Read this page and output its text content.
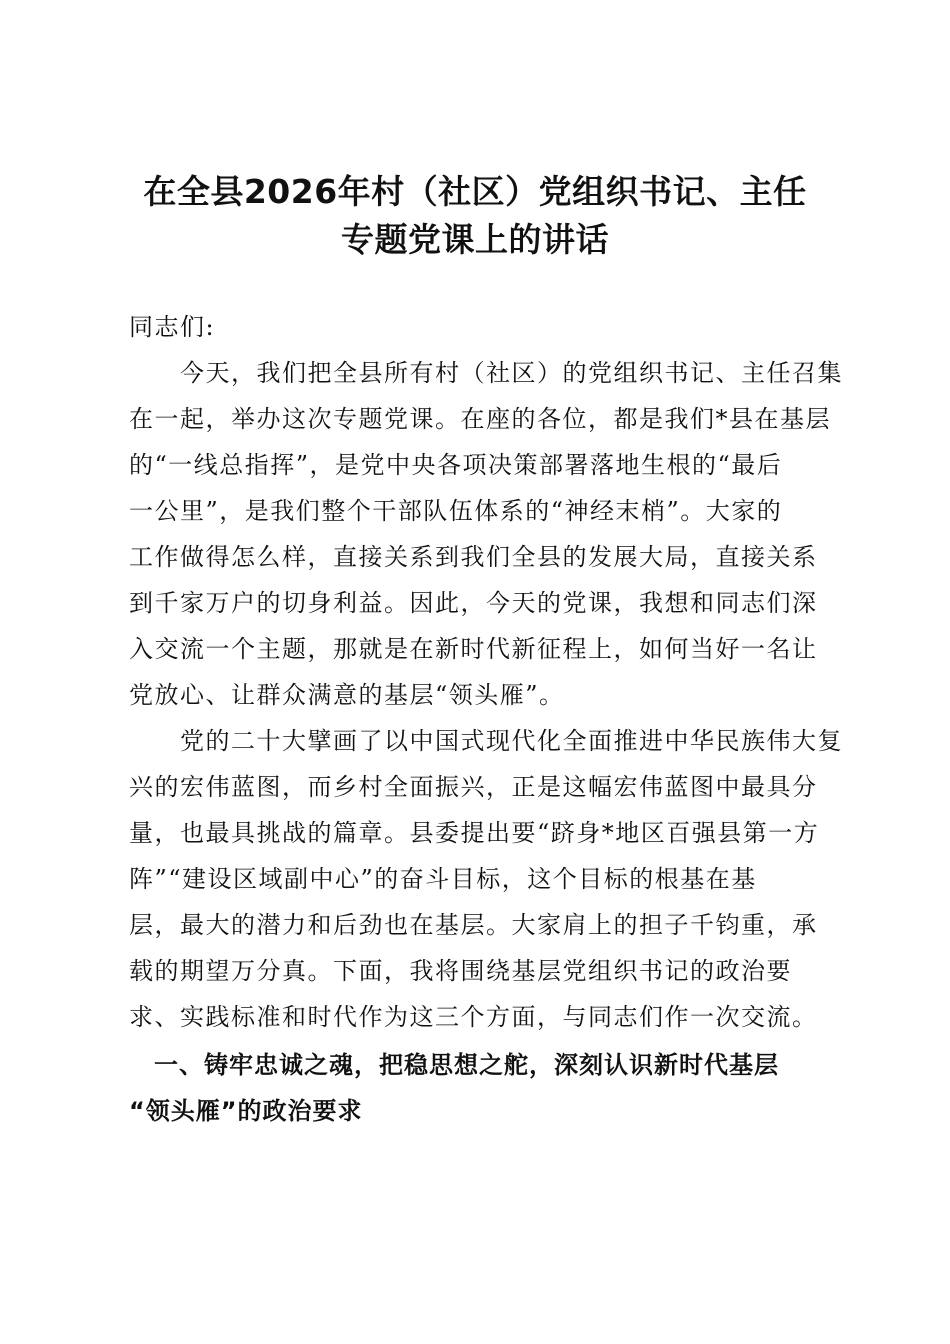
在全县2026年村（社区）党组织书记、主任
专题党课上的讲话
同志们:
　　今天，我们把全县所有村（社区）的党组织书记、主任召集
在一起，举办这次专题党课。在座的各位，都是我们*县在基层
的“一线总指挥”，是党中央各项决策部署落地生根的“最后
一公里”，是我们整个干部队伍体系的“神经末梢”。大家的
工作做得怎么样，直接关系到我们全县的发展大局，直接关系
到千家万户的切身利益。因此，今天的党课，我想和同志们深
入交流一个主题，那就是在新时代新征程上，如何当好一名让
党放心、让群众满意的基层“领头雁”。
　　党的二十大擘画了以中国式现代化全面推进中华民族伟大复
兴的宏伟蓝图，而乡村全面振兴，正是这幅宏伟蓝图中最具分
量，也最具挑战的篇章。县委提出要“跻身*地区百强县第一方
阵”“建设区域副中心”的奋斗目标，这个目标的根基在基
层，最大的潜力和后劲也在基层。大家肩上的担子千钧重，承
载的期望万分真。下面，我将围绕基层党组织书记的政治要
求、实践标准和时代作为这三个方面，与同志们作一次交流。
　一、铸牢忠诚之魂，把稳思想之舵，深刻认识新时代基层
“领头雁”的政治要求
